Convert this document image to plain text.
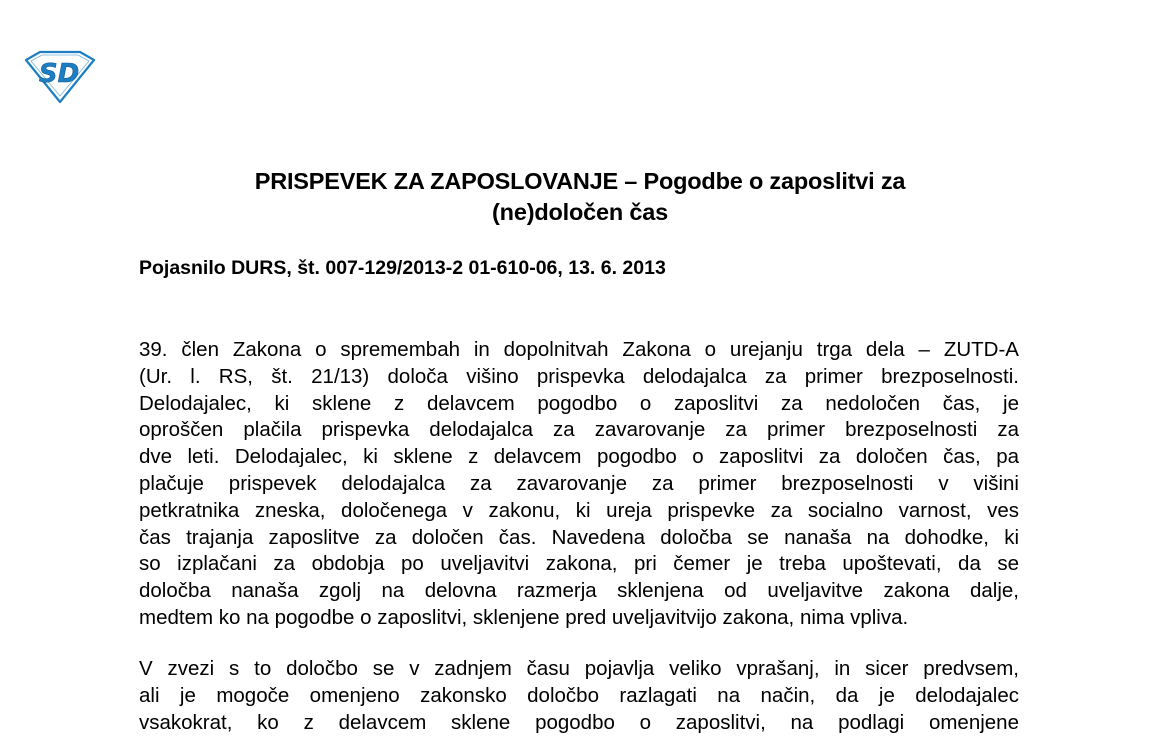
SD
PRISPEVEK ZA ZAPOSLOVANJE – Pogodbe o zaposlitvi za
(ne)določen čas
Pojasnilo DURS, št. 007-129/2013-2 01-610-06, 13. 6. 2013
39. člen Zakona o spremembah in dopolnitvah Zakona o urejanju trga dela – ZUTD-A
(Ur. l. RS, št. 21/13) določa višino prispevka delodajalca za primer brezposelnosti.
Delodajalec, ki sklene z delavcem pogodbo o zaposlitvi za nedoločen čas, je
oproščen plačila prispevka delodajalca za zavarovanje za primer brezposelnosti za
dve leti. Delodajalec, ki sklene z delavcem pogodbo o zaposlitvi za določen čas, pa
plačuje prispevek delodajalca za zavarovanje za primer brezposelnosti v višini
petkratnika zneska, določenega v zakonu, ki ureja prispevke za socialno varnost, ves
čas trajanja zaposlitve za določen čas. Navedena določba se nanaša na dohodke, ki
so izplačani za obdobja po uveljavitvi zakona, pri čemer je treba upoštevati, da se
določba nanaša zgolj na delovna razmerja sklenjena od uveljavitve zakona dalje,
medtem ko na pogodbe o zaposlitvi, sklenjene pred uveljavitvijo zakona, nima vpliva.
V zvezi s to določbo se v zadnjem času pojavlja veliko vprašanj, in sicer predvsem,
ali je mogoče omenjeno zakonsko določbo razlagati na način, da je delodajalec
vsakokrat, ko z delavcem sklene pogodbo o zaposlitvi, na podlagi omenjene
